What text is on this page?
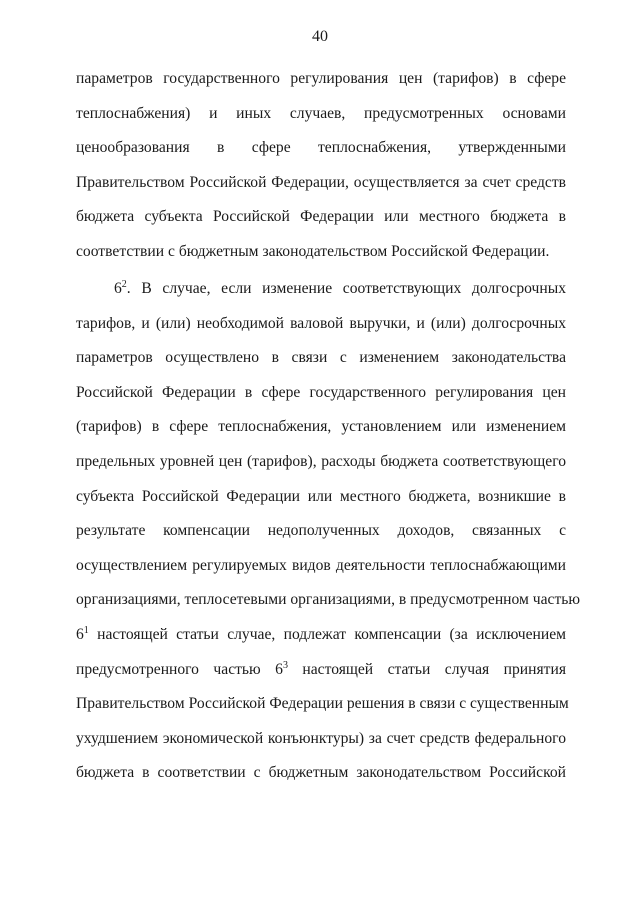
40
параметров государственного регулирования цен (тарифов) в сфере
теплоснабжения) и иных случаев, предусмотренных основами
ценообразования в сфере теплоснабжения, утвержденными
Правительством Российской Федерации, осуществляется за счет средств
бюджета субъекта Российской Федерации или местного бюджета в
соответствии с бюджетным законодательством Российской Федерации.
$6^2$. В случае, если изменение соответствующих долгосрочных
тарифов, и (или) необходимой валовой выручки, и (или) долгосрочных
параметров осуществлено в связи с изменением законодательства
Российской Федерации в сфере государственного регулирования цен
(тарифов) в сфере теплоснабжения, установлением или изменением
предельных уровней цен (тарифов), расходы бюджета соответствующего
субъекта Российской Федерации или местного бюджета, возникшие в
результате компенсации недополученных доходов, связанных с
осуществлением регулируемых видов деятельности теплоснабжающими
организациями, теплосетевыми организациями, в предусмотренном частью
$6^1$ настоящей статьи случае, подлежат компенсации (за исключением
предусмотренного частью $6^3$ настоящей статьи случая принятия
Правительством Российской Федерации решения в связи с существенным
ухудшением экономической конъюнктуры) за счет средств федерального
бюджета в соответствии с бюджетным законодательством Российской
